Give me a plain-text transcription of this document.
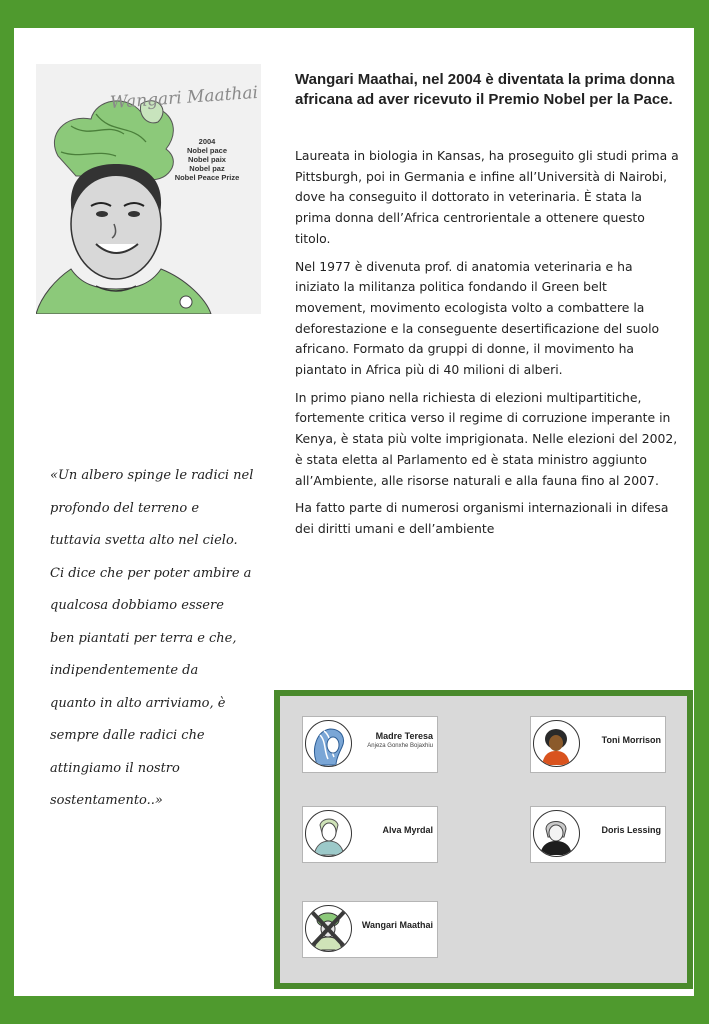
Wangari Maathai
2004
Nobel pace
Nobel paix
Nobel paz
Nobel Peace Prize
Wangari Maathai, nel 2004 è diventata la prima donna africana ad aver ricevuto il Premio Nobel per la Pace.

Laureata in biologia in Kansas, ha proseguito gli studi prima a Pittsburgh, poi in Germania e infine all’Università di Nairobi, dove ha conseguito il dottorato in veterinaria. È stata la prima donna dell’Africa centrorientale a ottenere questo titolo.

Nel 1977 è divenuta prof. di anatomia veterinaria e ha iniziato la militanza politica fondando il Green belt movement, movimento ecologista volto a combattere la deforestazione e la conseguente desertificazione del suolo africano. Formato da gruppi di donne, il movimento ha piantato in Africa più di 40 milioni di alberi.

In primo piano nella richiesta di elezioni multipartitiche, fortemente critica verso il regime di corruzione imperante in Kenya, è stata più volte imprigionata. Nelle elezioni del 2002, è stata eletta al Parlamento ed è stata ministro aggiunto all’Ambiente, alle risorse naturali e alla fauna fino al 2007.

Ha fatto parte di numerosi organismi internazionali in difesa dei diritti umani e dell’ambiente

«Un albero spinge le radici nel
profondo del terreno e
tuttavia svetta alto nel cielo.
Ci dice che per poter ambire a
qualcosa dobbiamo essere
ben piantati per terra e che,
indipendentemente da
quanto in alto arriviamo, è
sempre dalle radici che
attingiamo il nostro
sostentamento..»
Madre Teresa
Anjeza Gonxhe Bojaxhiu
Toni Morrison
Alva Myrdal	Doris Lessing
Wangari Maathai
